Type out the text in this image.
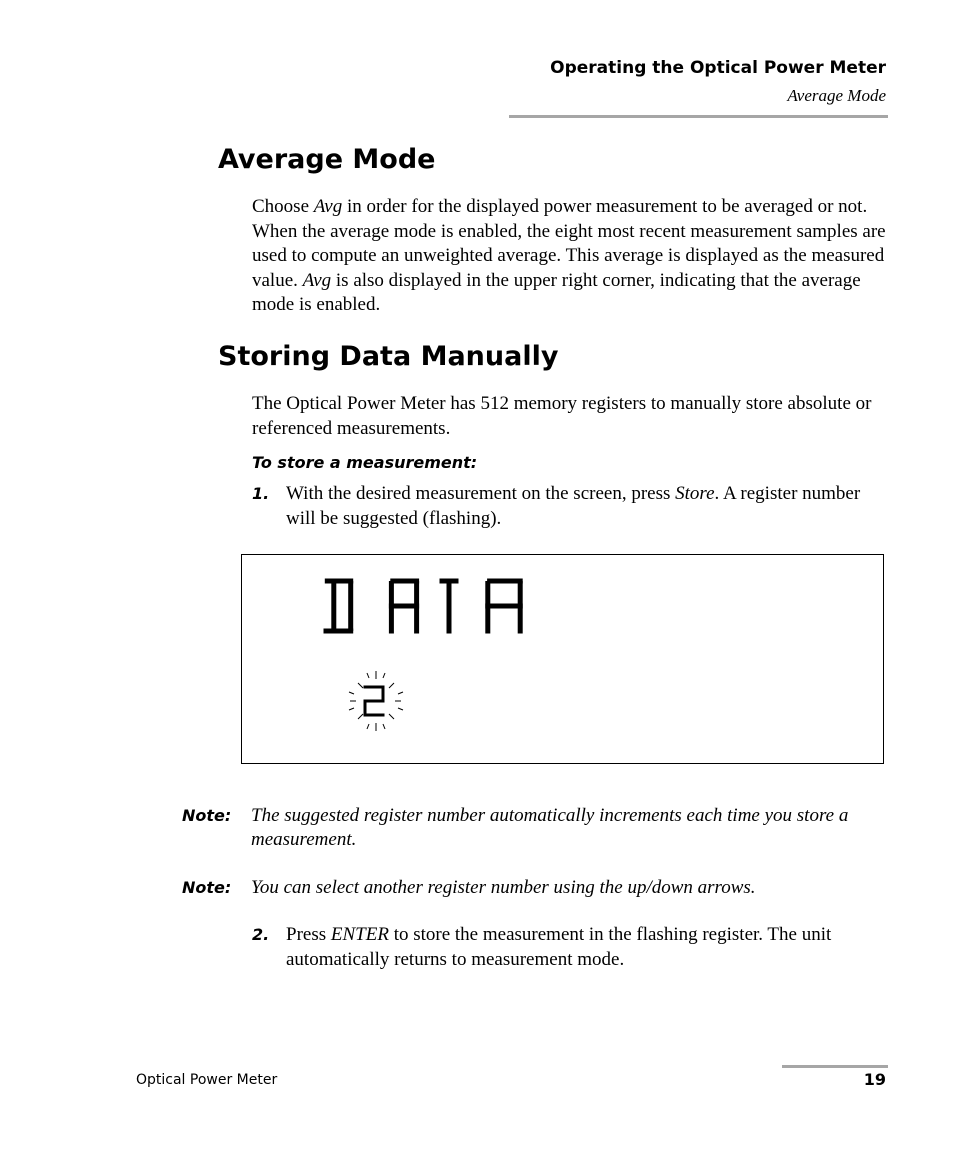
Operating the Optical Power Meter
Average Mode
Average Mode
Choose Avg in order for the displayed power measurement to be averaged or not. When the average mode is enabled, the eight most recent measurement samples are used to compute an unweighted average. This average is displayed as the measured value. Avg is also displayed in the upper right corner, indicating that the average mode is enabled.
Storing Data Manually
The Optical Power Meter has 512 memory registers to manually store absolute or referenced measurements.
To store a measurement:
1. With the desired measurement on the screen, press Store. A register number will be suggested (flashing).
Note: The suggested register number automatically increments each time you store a measurement.
Note: You can select another register number using the up/down arrows.
2. Press ENTER to store the measurement in the flashing register. The unit automatically returns to measurement mode.
Optical Power Meter	19
